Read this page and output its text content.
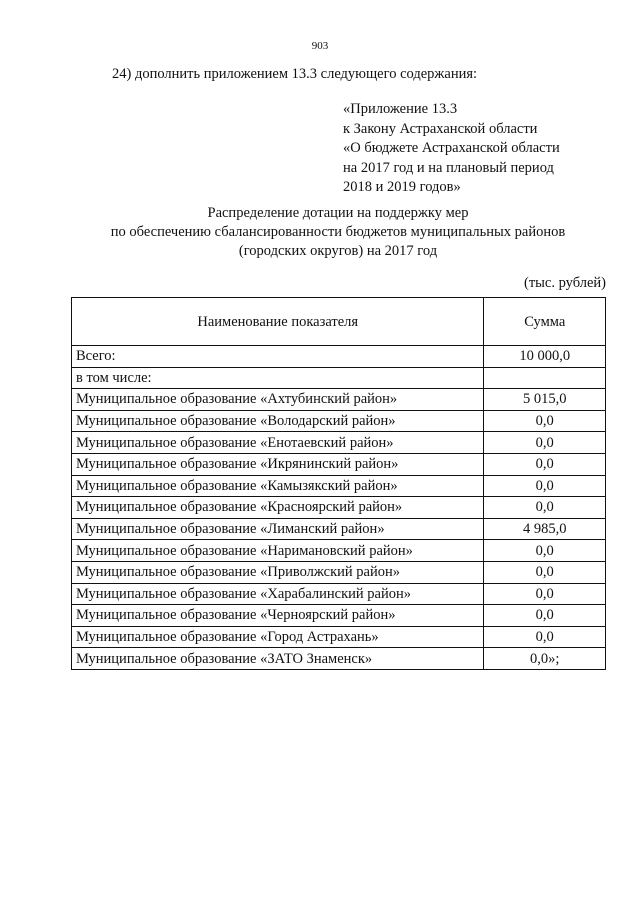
903
24) дополнить приложением 13.3 следующего содержания:
«Приложение 13.3
к Закону Астраханской области
«О бюджете Астраханской области
на 2017 год и на плановый период
2018 и 2019 годов»
Распределение дотации на поддержку мер
по обеспечению сбалансированности бюджетов муниципальных районов
(городских округов) на 2017 год
(тыс. рублей)
Наименование показателя	Сумма
Всего:	10 000,0
в том числе:	
Муниципальное образование «Ахтубинский район»	5 015,0
Муниципальное образование «Володарский район»	0,0
Муниципальное образование «Енотаевский район»	0,0
Муниципальное образование «Икрянинский район»	0,0
Муниципальное образование «Камызякский район»	0,0
Муниципальное образование «Красноярский район»	0,0
Муниципальное образование «Лиманский район»	4 985,0
Муниципальное образование «Наримановский район»	0,0
Муниципальное образование «Приволжский район»	0,0
Муниципальное образование «Харабалинский район»	0,0
Муниципальное образование «Черноярский район»	0,0
Муниципальное образование «Город Астрахань»	0,0
Муниципальное образование «ЗАТО Знаменск»	0,0»;
